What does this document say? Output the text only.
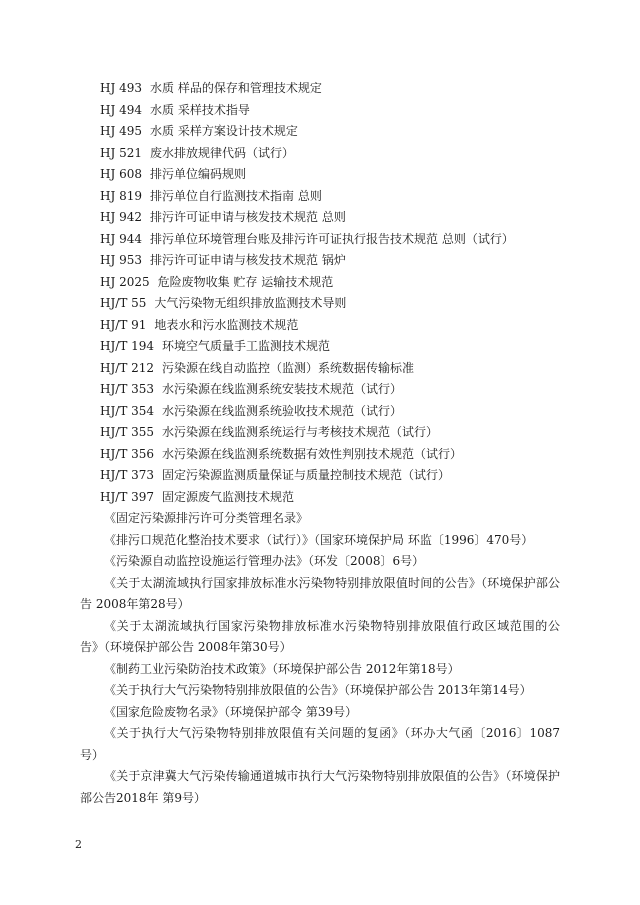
HJ 493 水质 样品的保存和管理技术规定
HJ 494 水质 采样技术指导
HJ 495 水质 采样方案设计技术规定
HJ 521 废水排放规律代码（试行）
HJ 608 排污单位编码规则
HJ 819 排污单位自行监测技术指南 总则
HJ 942 排污许可证申请与核发技术规范 总则
HJ 944 排污单位环境管理台账及排污许可证执行报告技术规范 总则（试行）
HJ 953 排污许可证申请与核发技术规范 锅炉
HJ 2025 危险废物收集 贮存 运输技术规范
HJ/T 55 大气污染物无组织排放监测技术导则
HJ/T 91 地表水和污水监测技术规范
HJ/T 194 环境空气质量手工监测技术规范
HJ/T 212 污染源在线自动监控（监测）系统数据传输标准
HJ/T 353 水污染源在线监测系统安装技术规范（试行）
HJ/T 354 水污染源在线监测系统验收技术规范（试行）
HJ/T 355 水污染源在线监测系统运行与考核技术规范（试行）
HJ/T 356 水污染源在线监测系统数据有效性判别技术规范（试行）
HJ/T 373 固定污染源监测质量保证与质量控制技术规范（试行）
HJ/T 397 固定源废气监测技术规范
《固定污染源排污许可分类管理名录》
《排污口规范化整治技术要求（试行）》（国家环境保护局 环监〔1996〕470号）
《污染源自动监控设施运行管理办法》（环发〔2008〕6号）
《关于太湖流域执行国家排放标准水污染物特别排放限值时间的公告》（环境保护部公告 2008年第28号）
《关于太湖流域执行国家污染物排放标准水污染物特别排放限值行政区域范围的公告》（环境保护部公告 2008年第30号）
《制药工业污染防治技术政策》（环境保护部公告 2012年第18号）
《关于执行大气污染物特别排放限值的公告》（环境保护部公告 2013年第14号）
《国家危险废物名录》（环境保护部令 第39号）
《关于执行大气污染物特别排放限值有关问题的复函》（环办大气函〔2016〕1087号）
《关于京津冀大气污染传输通道城市执行大气污染物特别排放限值的公告》（环境保护部公告2018年 第9号）
2
